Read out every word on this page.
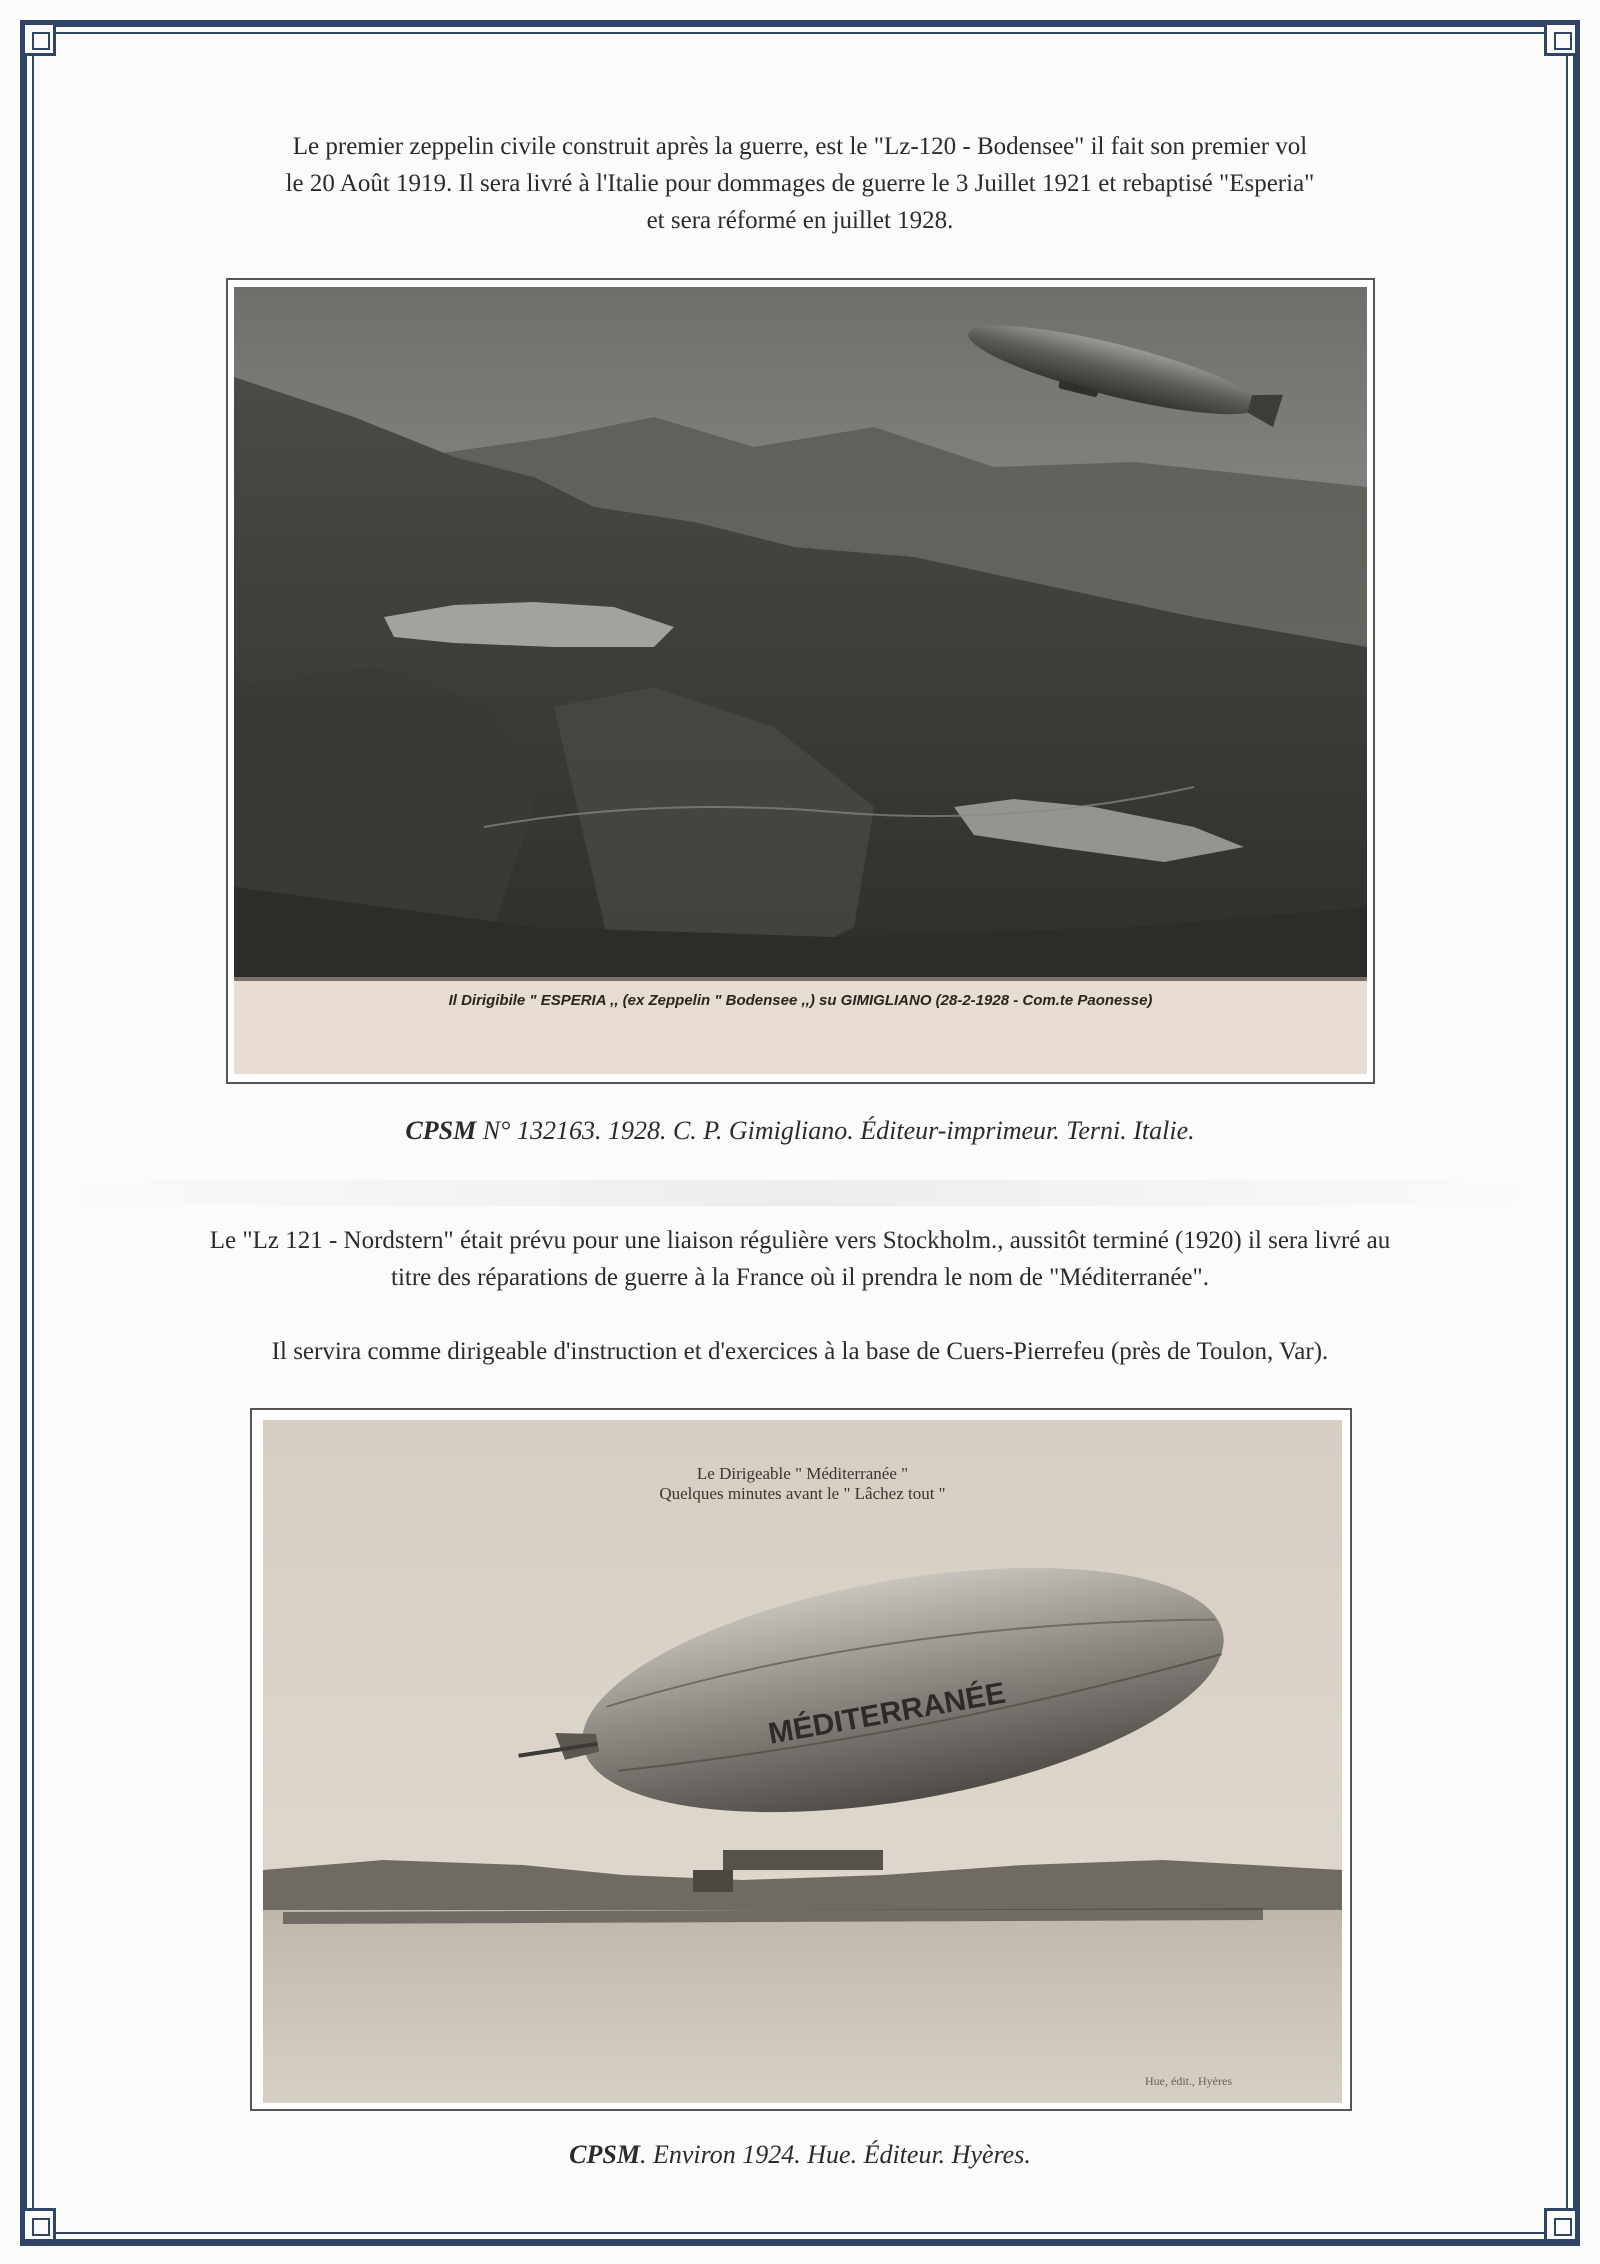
Le premier zeppelin civile construit après la guerre, est le "Lz-120 - Bodensee" il fait son premier vol
le 20 Août 1919. Il sera livré à l'Italie pour dommages de guerre le 3 Juillet 1921 et rebaptisé "Esperia"
et sera réformé en juillet 1928.
Il Dirigibile " ESPERIA ,, (ex Zeppelin " Bodensee ,,) su GIMIGLIANO (28-2-1928 - Com.te Paonesse)

CPSM N° 132163. 1928. C. P. Gimigliano. Éditeur-imprimeur. Terni. Italie.

Le "Lz 121 - Nordstern" était prévu pour une liaison régulière vers Stockholm., aussitôt terminé (1920) il sera livré au
titre des réparations de guerre à la France où il prendra le nom de "Méditerranée".
Il servira comme dirigeable d'instruction et d'exercices à la base de Cuers-Pierrefeu (près de Toulon, Var).
MÉDITERRANÉE
Le Dirigeable " Méditerranée "
Quelques minutes avant le " Lâchez tout "
Hue, édit., Hyères

CPSM. Environ 1924. Hue. Éditeur. Hyères.
